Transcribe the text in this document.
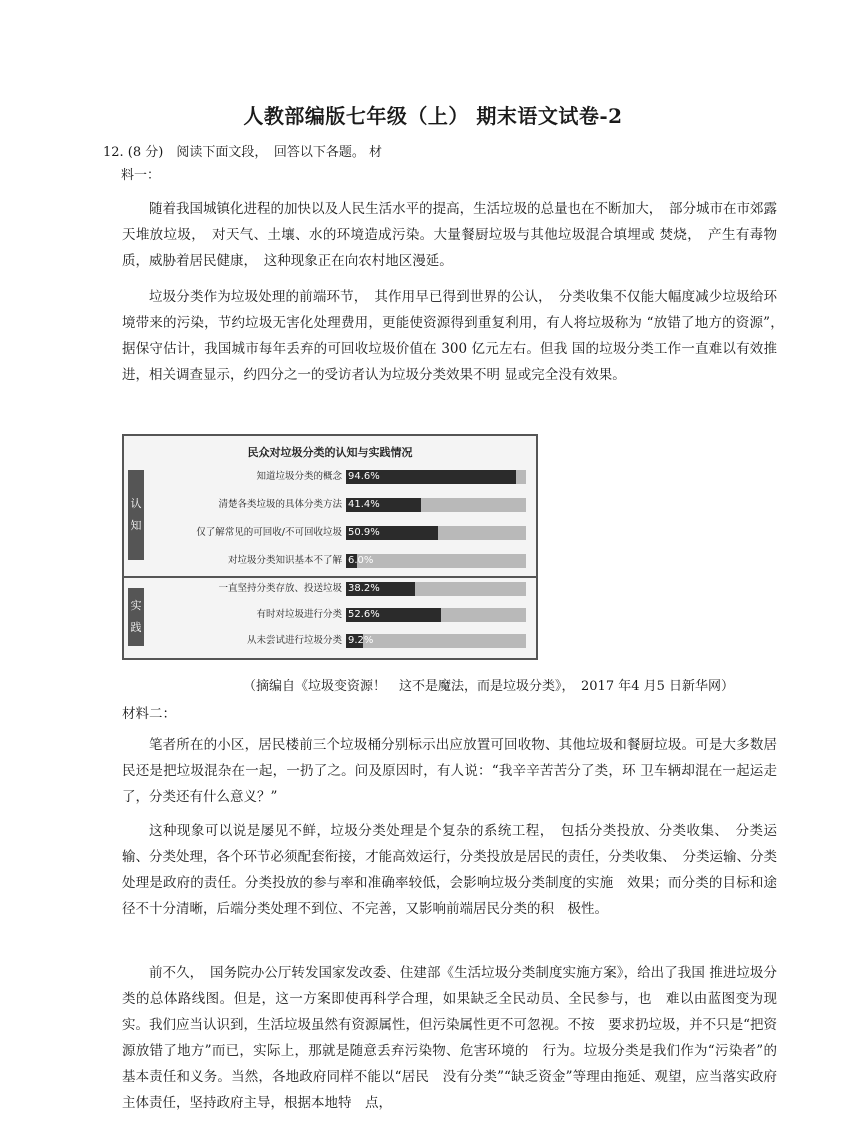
人教部编版七年级（上） 期末语文试卷-2
12. (8 分)　阅读下面文段，　回答以下各题。 材
料一：

随着我国城镇化进程的加快以及人民生活水平的提高，生活垃圾的总量也在不断加大，　部分城市在市郊露天堆放垃圾，　对天气、土壤、水的环境造成污染。大量餐厨垃圾与其他垃圾混合填埋或 焚烧，　产生有毒物质，威胁着居民健康，　这种现象正在向农村地区漫延。

垃圾分类作为垃圾处理的前端环节，　其作用早已得到世界的公认，　分类收集不仅能大幅度减少垃圾给环境带来的污染，节约垃圾无害化处理费用，更能使资源得到重复利用，有人将垃圾称为 “放错了地方的资源”，　据保守估计，我国城市每年丢弃的可回收垃圾价值在 300 亿元左右。但我 国的垃圾分类工作一直难以有效推进，相关调查显示，约四分之一的受访者认为垃圾分类效果不明 显或完全没有效果。

民众对垃圾分类的认知与实践情况
认
知
知道垃圾分类的概念 94.6%
清楚各类垃圾的具体分类方法 41.4%
仅了解常见的可回收/不可回收垃圾 50.9%
对垃圾分类知识基本不了解 6.0%
实
践
一直坚持分类存放、投送垃圾 38.2%
有时对垃圾进行分类 52.6%
从未尝试进行垃圾分类 9.2%
（摘编自《垃圾变资源！　这不是魔法，而是垃圾分类》，　2017 年4 月5 日新华网）
材料二：

笔者所在的小区，居民楼前三个垃圾桶分别标示出应放置可回收物、其他垃圾和餐厨垃圾。可是大多数居民还是把垃圾混杂在一起，一扔了之。问及原因时，有人说：“我辛辛苦苦分了类，环 卫车辆却混在一起运走了，分类还有什么意义？”

这种现象可以说是屡见不鲜，垃圾分类处理是个复杂的系统工程，　包括分类投放、分类收集、　分类运输、分类处理，各个环节必须配套衔接，才能高效运行，分类投放是居民的责任，分类收集、　分类运输、分类处理是政府的责任。分类投放的参与率和准确率较低，会影响垃圾分类制度的实施　效果；而分类的目标和途径不十分清晰，后端分类处理不到位、不完善，又影响前端居民分类的积　极性。

前不久，　国务院办公厅转发国家发改委、住建部《生活垃圾分类制度实施方案》，给出了我国 推进垃圾分类的总体路线图。但是，这一方案即使再科学合理，如果缺乏全民动员、全民参与，也　难以由蓝图变为现实。我们应当认识到，生活垃圾虽然有资源属性，但污染属性更不可忽视。不按　要求扔垃圾，并不只是“把资源放错了地方”而已，实际上，那就是随意丢弃污染物、危害环境的　行为。垃圾分类是我们作为“污染者”的基本责任和义务。当然，各地政府同样不能以“居民　没有分类”“缺乏资金”等理由拖延、观望，应当落实政府主体责任，坚持政府主导，根据本地特　点，
